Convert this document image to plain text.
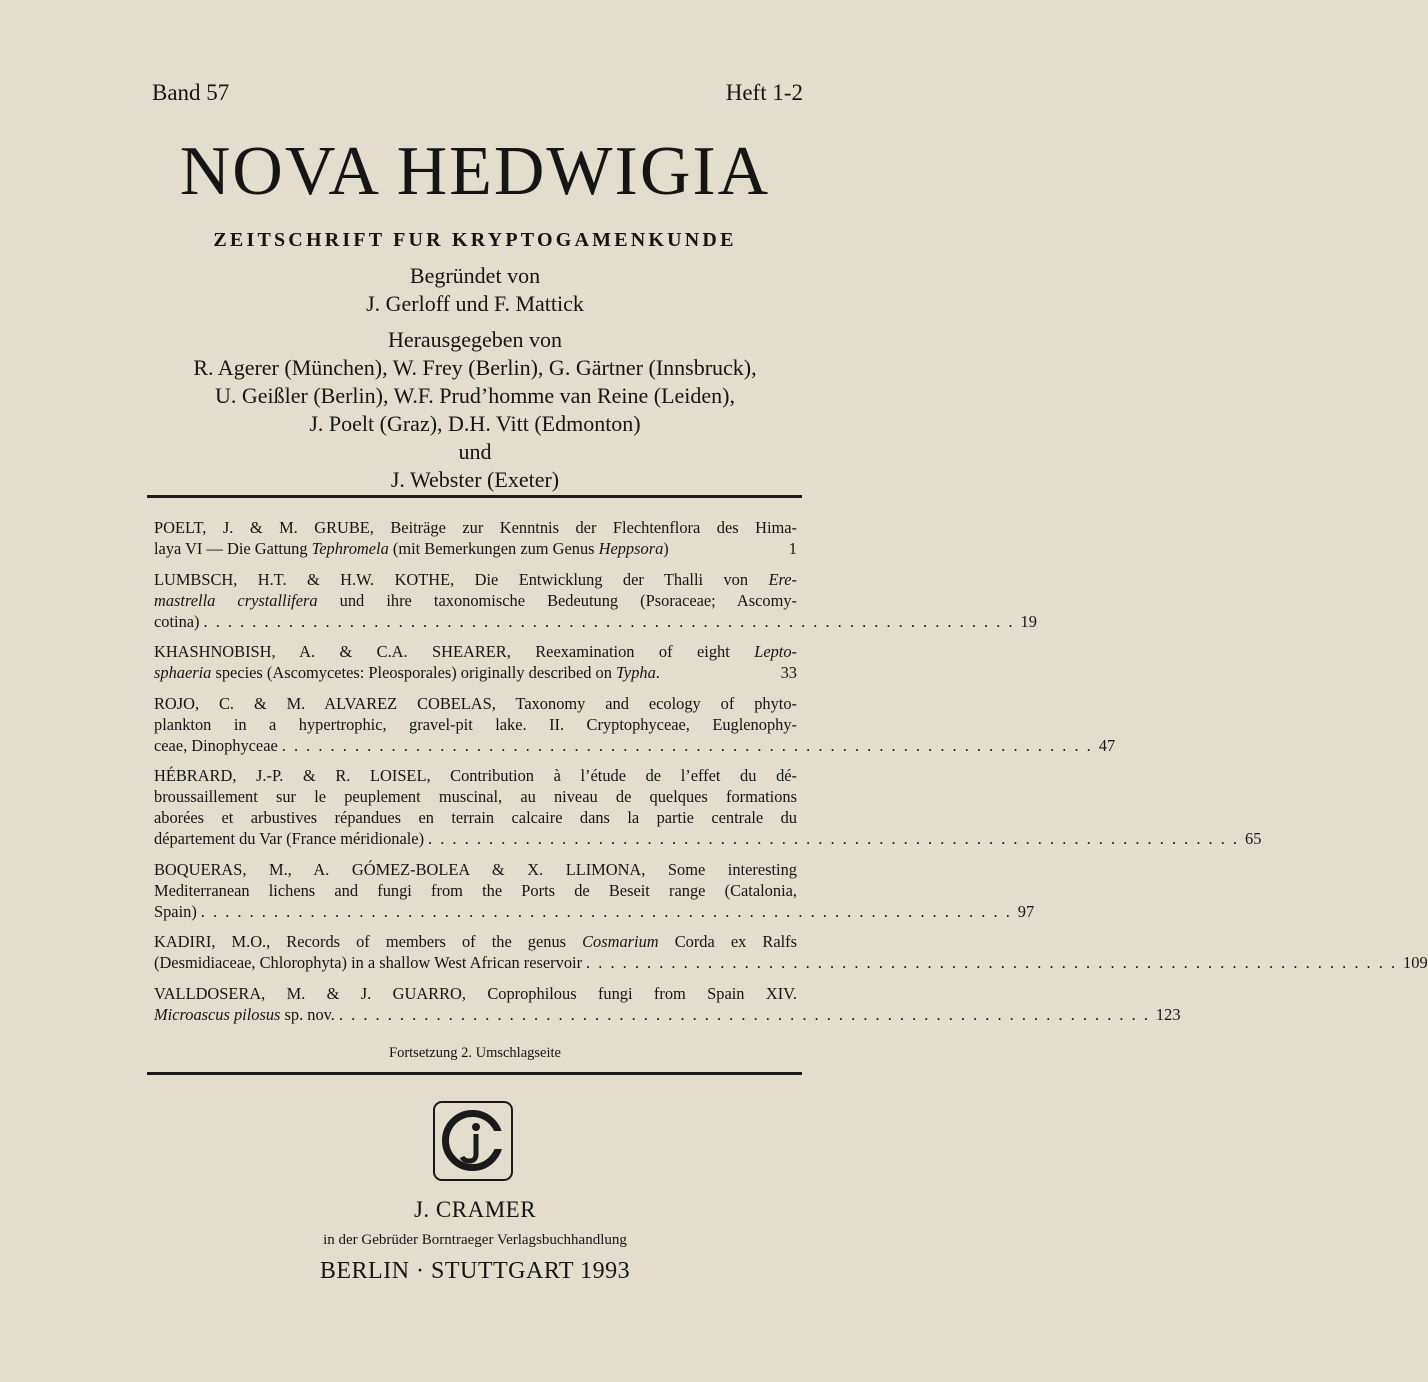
Band 57	Heft 1-2
NOVA HEDWIGIA
ZEITSCHRIFT FUR KRYPTOGAMENKUNDE
Begründet von
J. Gerloff und F. Mattick
Herausgegeben von
R. Agerer (München), W. Frey (Berlin), G. Gärtner (Innsbruck),
U. Geißler (Berlin), W.F. Prud’homme van Reine (Leiden),
J. Poelt (Graz), D.H. Vitt (Edmonton)
und
J. Webster (Exeter)
POELT, J. & M. GRUBE, Beiträge zur Kenntnis der Flechtenflora des Hima-
laya VI — Die Gattung Tephromela (mit Bemerkungen zum Genus Heppsora)	1
LUMBSCH, H.T. & H.W. KOTHE, Die Entwicklung der Thalli von Ere-
mastrella crystallifera und ihre taxonomische Bedeutung (Psoraceae; Ascomy-
cotina) . . . . . . . . . . . . . . . . . . . . . . . . . . . . . . . . . . . . . . . . . . . . . . . . . . . . . . . . . . . . . . . . . . . 19
KHASHNOBISH, A. & C.A. SHEARER, Reexamination of eight Lepto-
sphaeria species (Ascomycetes: Pleosporales) originally described on Typha.	33
ROJO, C. & M. ALVAREZ COBELAS, Taxonomy and ecology of phyto-
plankton in a hypertrophic, gravel-pit lake. II. Cryptophyceae, Euglenophy-
ceae, Dinophyceae . . . . . . . . . . . . . . . . . . . . . . . . . . . . . . . . . . . . . . . . . . . . . . . . . . . . . . . . . . . . . . . . . . . 47
HÉBRARD, J.-P. & R. LOISEL, Contribution à l’étude de l’effet du dé-
broussaillement sur le peuplement muscinal, au niveau de quelques formations
aborées et arbustives répandues en terrain calcaire dans la partie centrale du
département du Var (France méridionale) . . . . . . . . . . . . . . . . . . . . . . . . . . . . . . . . . . . . . . . . . . . . . . . . . . . . . . . . . . . . . . . . . . . 65
BOQUERAS, M., A. GÓMEZ-BOLEA & X. LLIMONA, Some interesting
Mediterranean lichens and fungi from the Ports de Beseit range (Catalonia,
Spain) . . . . . . . . . . . . . . . . . . . . . . . . . . . . . . . . . . . . . . . . . . . . . . . . . . . . . . . . . . . . . . . . . . . 97
KADIRI, M.O., Records of members of the genus Cosmarium Corda ex Ralfs
(Desmidiaceae, Chlorophyta) in a shallow West African reservoir . . . . . . . . . . . . . . . . . . . . . . . . . . . . . . . . . . . . . . . . . . . . . . . . . . . . . . . . . . . . . . . . . . . 109
VALLDOSERA, M. & J. GUARRO, Coprophilous fungi from Spain XIV.
Microascus pilosus sp. nov. . . . . . . . . . . . . . . . . . . . . . . . . . . . . . . . . . . . . . . . . . . . . . . . . . . . . . . . . . . . . . . . . . . . 123
Fortsetzung 2. Umschlagseite
J. CRAMER
in der Gebrüder Borntraeger Verlagsbuchhandlung
BERLIN · STUTTGART 1993
